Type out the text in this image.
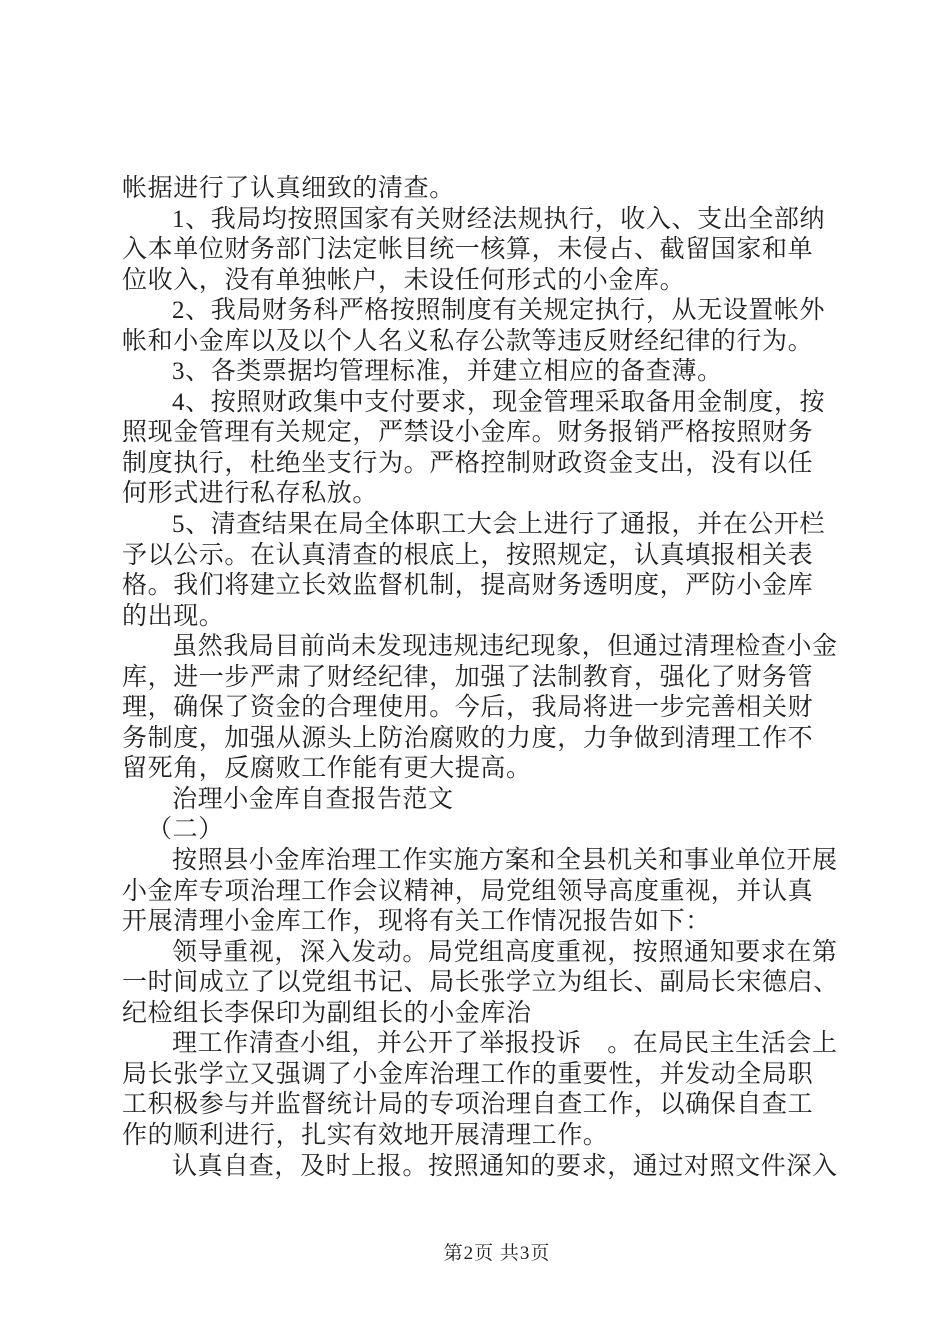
帐据进行了认真细致的清查。

1、我局均按照国家有关财经法规执行，收入、支出全部纳

入本单位财务部门法定帐目统一核算，未侵占、截留国家和单

位收入，没有单独帐户，未设任何形式的小金库。

2、我局财务科严格按照制度有关规定执行，从无设置帐外

帐和小金库以及以个人名义私存公款等违反财经纪律的行为。

3、各类票据均管理标准，并建立相应的备查薄。

4、按照财政集中支付要求，现金管理采取备用金制度，按

照现金管理有关规定，严禁设小金库。财务报销严格按照财务

制度执行，杜绝坐支行为。严格控制财政资金支出，没有以任

何形式进行私存私放。

5、清查结果在局全体职工大会上进行了通报，并在公开栏

予以公示。在认真清查的根底上，按照规定，认真填报相关表

格。我们将建立长效监督机制，提高财务透明度，严防小金库

的出现。

虽然我局目前尚未发现违规违纪现象，但通过清理检查小金

库，进一步严肃了财经纪律，加强了法制教育，强化了财务管

理，确保了资金的合理使用。今后，我局将进一步完善相关财

务制度，加强从源头上防治腐败的力度，力争做到清理工作不

留死角，反腐败工作能有更大提高。

治理小金库自查报告范文

（二）

按照县小金库治理工作实施方案和全县机关和事业单位开展

小金库专项治理工作会议精神，局党组领导高度重视，并认真

开展清理小金库工作，现将有关工作情况报告如下：

领导重视，深入发动。局党组高度重视，按照通知要求在第

一时间成立了以党组书记、局长张学立为组长、副局长宋德启、

纪检组长李保印为副组长的小金库治

理工作清查小组，并公开了举报投诉　。在局民主生活会上

局长张学立又强调了小金库治理工作的重要性，并发动全局职

工积极参与并监督统计局的专项治理自查工作，以确保自查工

作的顺利进行，扎实有效地开展清理工作。

认真自查，及时上报。按照通知的要求，通过对照文件深入

第2页 共3页
